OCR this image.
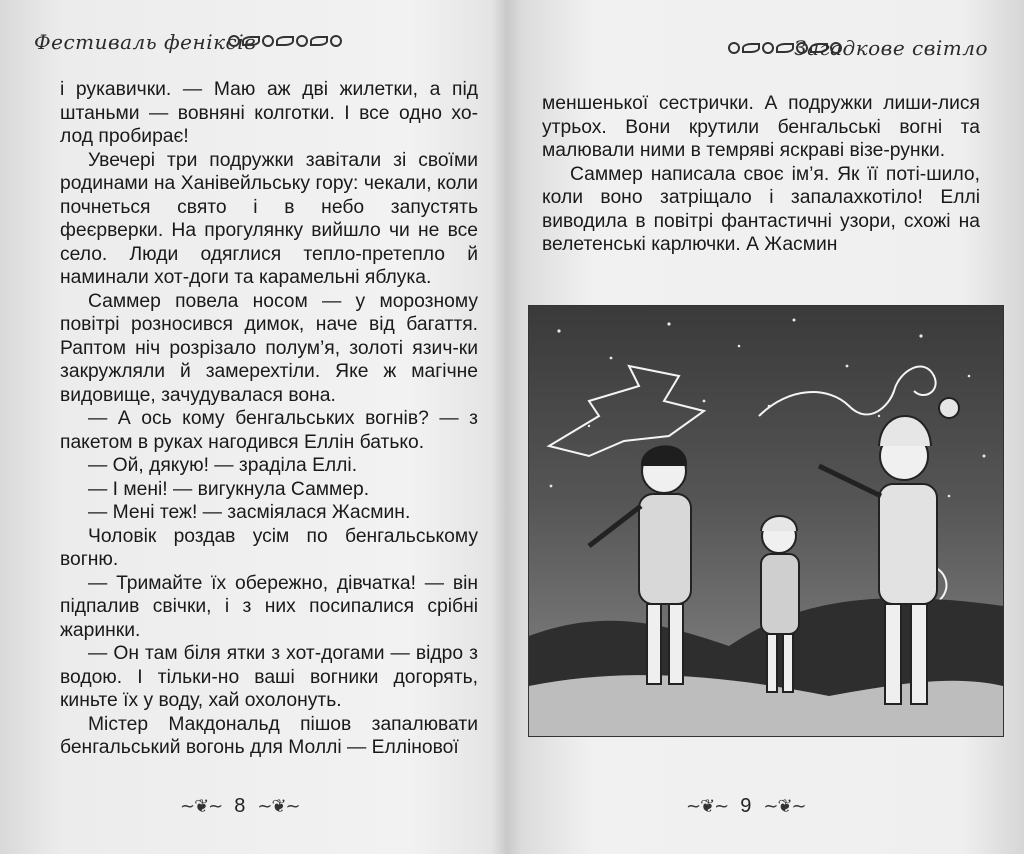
Фестиваль феніксів

і рукавички. — Маю аж дві жилетки, а під штаньми — вовняні колготки. І все одно хо-лод пробирає!

Увечері три подружки завітали зі своїми родинами на Ханівейльську гору: чекали, коли почнеться свято і в небо запустять феєрверки. На прогулянку вийшло чи не все село. Люди одяглися тепло-претепло й наминали хот-доги та карамельні яблука.

Саммер повела носом — у морозному повітрі розносився димок, наче від багаття. Раптом ніч розрізало полум’я, золоті язич-ки закружляли й замерехтіли. Яке ж магічне видовище, зачудувалася вона.

— А ось кому бенгальських вогнів? — з пакетом в руках нагодився Еллін батько.

— Ой, дякую! — зраділа Еллі.

— І мені! — вигукнула Саммер.

— Мені теж! — засміялася Жасмин.

Чоловік роздав усім по бенгальському вогню.

— Тримайте їх обережно, дівчатка! — він підпалив свічки, і з них посипалися срібні жаринки.

— Он там біля ятки з хот-догами — відро з водою. І тільки-но ваші вогники догорять, киньте їх у воду, хай охолонуть.

Містер Макдональд пішов запалювати бенгальський вогонь для Моллі — Еллінової

~❦~ 8 ~❦~
Загадкове світло

меншенької сестрички. А подружки лиши-лися утрьох. Вони крутили бенгальські вогні та малювали ними в темряві яскраві візе-рунки.

Саммер написала своє ім’я. Як її поті-шило, коли воно затріщало і запалахкотіло! Еллі виводила в повітрі фантастичні узори, схожі на велетенські карлючки. А Жасмин

~❦~ 9 ~❦~
